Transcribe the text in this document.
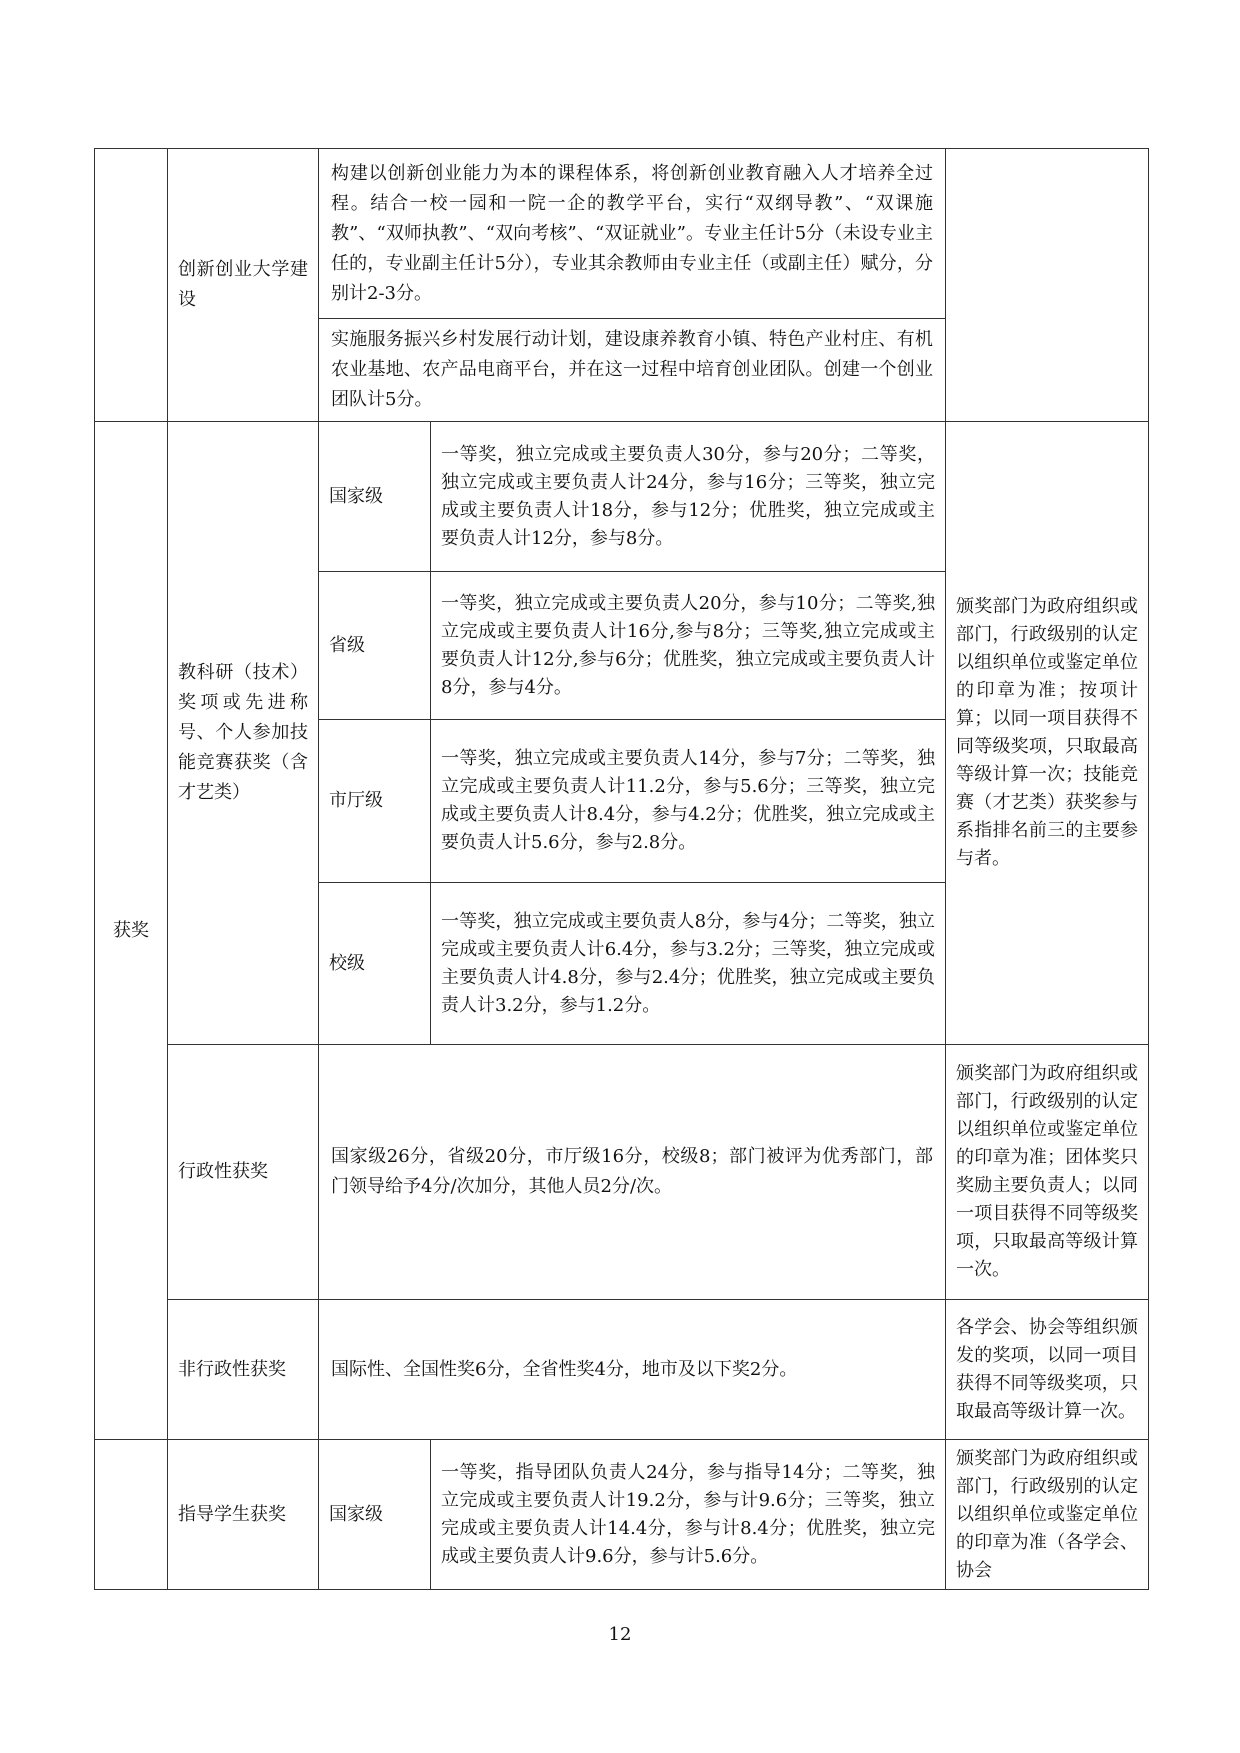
	创新创业大学建设	构建以创新创业能力为本的课程体系，将创新创业教育融入人才培养全过程。结合一校一园和一院一企的教学平台，实行“双纲导教”、“双课施教”、“双师执教”、“双向考核”、“双证就业”。专业主任计5分（未设专业主任的，专业副主任计5分），专业其余教师由专业主任（或副主任）赋分，分别计2-3分。		
		实施服务振兴乡村发展行动计划，建设康养教育小镇、特色产业村庄、有机农业基地、农产品电商平台，并在这一过程中培育创业团队。创建一个创业团队计5分。		
获奖	教科研（技术）奖项或先进称号、个人参加技能竞赛获奖（含才艺类）	国家级	一等奖，独立完成或主要负责人30分，参与20分；二等奖，独立完成或主要负责人计24分，参与16分；三等奖，独立完成或主要负责人计18分，参与12分；优胜奖，独立完成或主要负责人计12分，参与8分。	颁奖部门为政府组织或部门，行政级别的认定以组织单位或鉴定单位的印章为准；按项计算；以同一项目获得不同等级奖项，只取最高等级计算一次；技能竞赛（才艺类）获奖参与系指排名前三的主要参与者。
		省级	一等奖，独立完成或主要负责人20分，参与10分；二等奖,独立完成或主要负责人计16分,参与8分；三等奖,独立完成或主要负责人计12分,参与6分；优胜奖，独立完成或主要负责人计8分，参与4分。	
		市厅级	一等奖，独立完成或主要负责人14分，参与7分；二等奖，独立完成或主要负责人计11.2分，参与5.6分；三等奖，独立完成或主要负责人计8.4分，参与4.2分；优胜奖，独立完成或主要负责人计5.6分，参与2.8分。	
		校级	一等奖，独立完成或主要负责人8分，参与4分；二等奖，独立完成或主要负责人计6.4分，参与3.2分；三等奖，独立完成或主要负责人计4.8分，参与2.4分；优胜奖，独立完成或主要负责人计3.2分，参与1.2分。	
	行政性获奖	国家级26分，省级20分，市厅级16分，校级8；部门被评为优秀部门，部门领导给予4分/次加分，其他人员2分/次。		颁奖部门为政府组织或部门，行政级别的认定以组织单位或鉴定单位的印章为准；团体奖只奖励主要负责人；以同一项目获得不同等级奖项，只取最高等级计算一次。
	非行政性获奖	国际性、全国性奖6分，全省性奖4分，地市及以下奖2分。		各学会、协会等组织颁发的奖项，以同一项目获得不同等级奖项，只取最高等级计算一次。
	指导学生获奖	国家级	一等奖，指导团队负责人24分，参与指导14分；二等奖，独立完成或主要负责人计19.2分，参与计9.6分；三等奖，独立完成或主要负责人计14.4分，参与计8.4分；优胜奖，独立完成或主要负责人计9.6分，参与计5.6分。	颁奖部门为政府组织或部门，行政级别的认定以组织单位或鉴定单位的印章为准（各学会、协会
12
